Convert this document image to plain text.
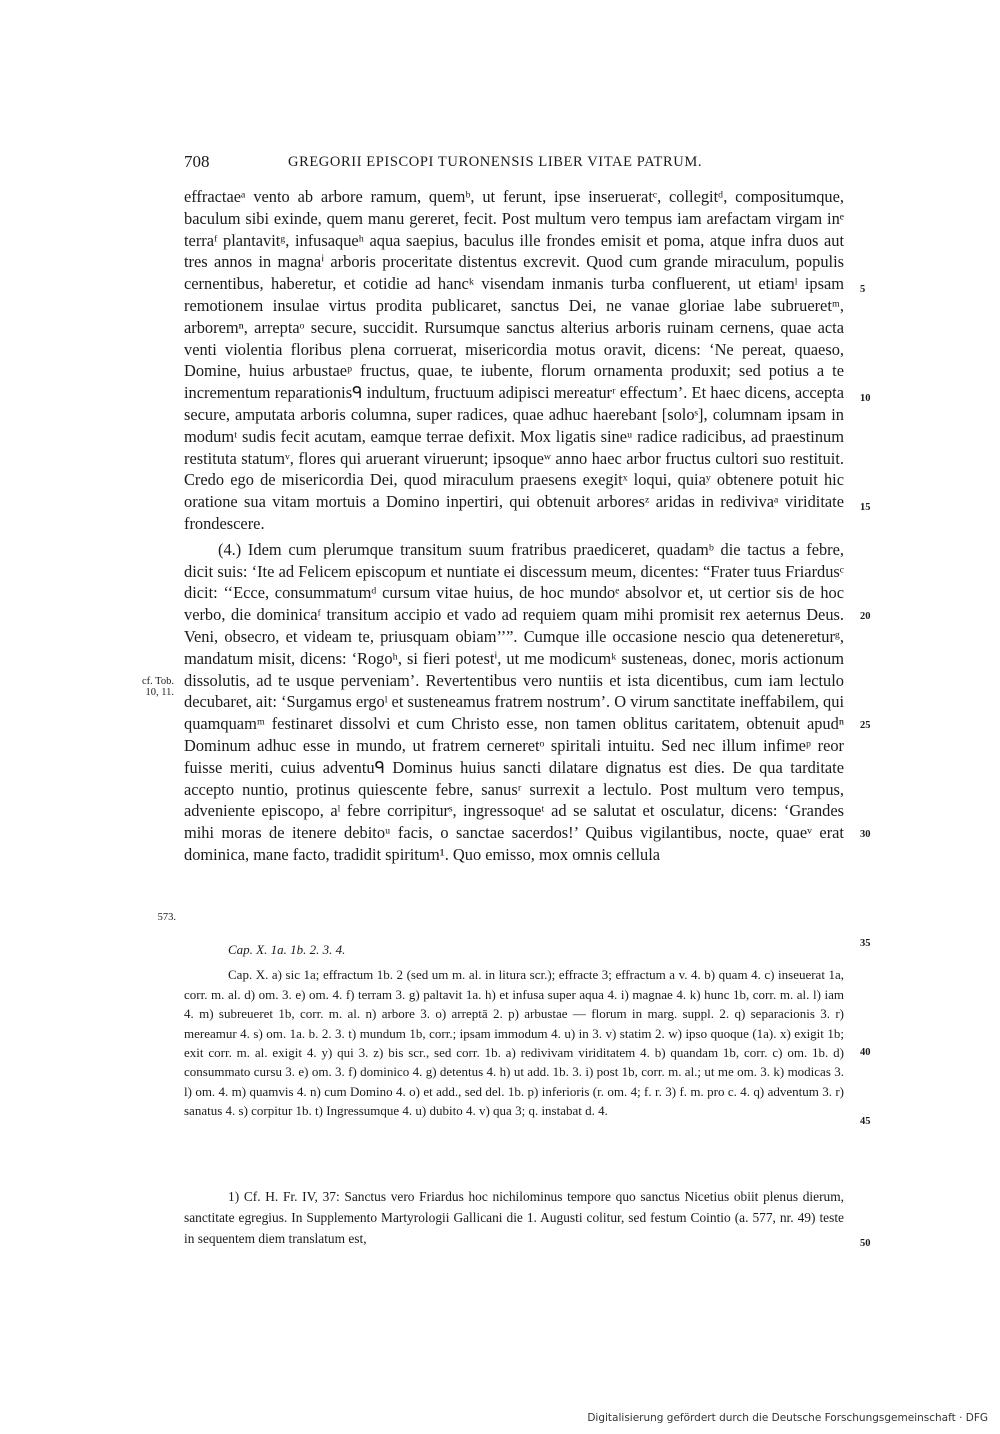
708	GREGORII EPISCOPI TURONENSIS LIBER VITAE PATRUM.

effractaeᵃ vento ab arbore ramum, quemᵇ, ut ferunt, ipse inserueratᶜ, collegitᵈ, compositumque, baculum sibi exinde, quem manu gereret, fecit. Post multum vero tempus iam arefactam virgam inᵉ terraᶠ plantavitᵍ, infusaqueʰ aqua saepius, baculus ille frondes emisit et poma, atque infra duos aut tres annos in magnaⁱ arboris proceritate distentus excrevit. Quod cum grande miraculum, populis cernentibus, haberetur, et cotidie ad hancᵏ visendam inmanis turba confluerent, ut etiamˡ ipsam remotionem insulae virtus prodita publicaret, sanctus Dei, ne vanae gloriae labe subrueretᵐ, arboremⁿ, arreptaᵒ secure, succidit. Rursumque sanctus alterius arboris ruinam cernens, quae acta venti violentia floribus plena corruerat, misericordia motus oravit, dicens: ‘Ne pereat, quaeso, Domine, huius arbustaeᵖ fructus, quae, te iubente, florum ornamenta produxit; sed potius a te incrementum reparationisᑫ indultum, fructuum adipisci mereaturʳ effectum’. Et haec dicens, accepta secure, amputata arboris columna, super radices, quae adhuc haerebant [soloˢ], columnam ipsam in modumᵗ sudis fecit acutam, eamque terrae defixit. Mox ligatis sineᵘ radice radicibus, ad praestinum restituta statumᵛ, flores qui aruerant viruerunt; ipsoqueʷ anno haec arbor fructus cultori suo restituit. Credo ego de misericordia Dei, quod miraculum praesens exegitˣ loqui, quiaʸ obtenere potuit hic oratione sua vitam mortuis a Domino inpertiri, qui obtenuit arboresᶻ aridas in redivivaᵃ viriditate frondescere.

(4.) Idem cum plerumque transitum suum fratribus praediceret, quadamᵇ die tactus a febre, dicit suis: ‘Ite ad Felicem episcopum et nuntiate ei discessum meum, dicentes: “Frater tuus Friardusᶜ dicit: ‘‘Ecce, consummatumᵈ cursum vitae huius, de hoc mundoᵉ absolvor et, ut certior sis de hoc verbo, die dominicaᶠ transitum accipio et vado ad requiem quam mihi promisit rex aeternus Deus. Veni, obsecro, et videam te, priusquam obiam’’”. Cumque ille occasione nescio qua detenereturᵍ, mandatum misit, dicens: ‘Rogoʰ, si fieri potestⁱ, ut me modicumᵏ susteneas, donec, moris actionum dissolutis, ad te usque perveniam’. Revertentibus vero nuntiis et ista dicentibus, cum iam lectulo decubaret, ait: ‘Surgamus ergoˡ et susteneamus fratrem nostrum’. O virum sanctitate ineffabilem, qui quamquamᵐ festinaret dissolvi et cum Christo esse, non tamen oblitus caritatem, obtenuit apudⁿ Dominum adhuc esse in mundo, ut fratrem cerneretᵒ spiritali intuitu. Sed nec illum infimeᵖ reor fuisse meriti, cuius adventuᑫ Dominus huius sancti dilatare dignatus est dies. De qua tarditate accepto nuntio, protinus quiescente febre, sanusʳ surrexit a lectulo. Post multum vero tempus, adveniente episcopo, aˡ febre corripiturˢ, ingressoqueᵗ ad se salutat et osculatur, dicens: ‘Grandes mihi moras de itenere debitoᵘ facis, o sanctae sacerdos!’ Quibus vigilantibus, nocte, quaeᵛ erat dominica, mane facto, tradidit spiritum¹. Quo emisso, mox omnis cellula

cf. Tob. 10, 11.
573.
5
10
15
20
25
30
35
40
45
50

Cap. X. 1a. 1b. 2. 3. 4.

Cap. X. a) sic 1a; effractum 1b. 2 (sed um m. al. in litura scr.); effracte 3; effractum a v. 4. b) quam 4. c) inseuerat 1a, corr. m. al. d) om. 3. e) om. 4. f) terram 3. g) paltavit 1a. h) et infusa super aqua 4. i) magnae 4. k) hunc 1b, corr. m. al. l) iam 4. m) subreueret 1b, corr. m. al. n) arbore 3. o) arreptā 2. p) arbustae — florum in marg. suppl. 2. q) separacionis 3. r) mereamur 4. s) om. 1a. b. 2. 3. t) mundum 1b, corr.; ipsam immodum 4. u) in 3. v) statim 2. w) ipso quoque (1a). x) exigit 1b; exit corr. m. al. exigit 4. y) qui 3. z) bis scr., sed corr. 1b. a) redivivam viriditatem 4. b) quandam 1b, corr. c) om. 1b. d) consummato cursu 3. e) om. 3. f) dominico 4. g) detentus 4. h) ut add. 1b. 3. i) post 1b, corr. m. al.; ut me om. 3. k) modicas 3. l) om. 4. m) quamvis 4. n) cum Domino 4. o) et add., sed del. 1b. p) inferioris (r. om. 4; f. r. 3) f. m. pro c. 4. q) adventum 3. r) sanatus 4. s) corpitur 1b. t) Ingressumque 4. u) dubito 4. v) qua 3; q. instabat d. 4.

1) Cf. H. Fr. IV, 37: Sanctus vero Friardus hoc nichilominus tempore quo sanctus Nicetius obiit plenus dierum, sanctitate egregius. In Supplemento Martyrologii Gallicani die 1. Augusti colitur, sed festum Cointio (a. 577, nr. 49) teste in sequentem diem translatum est,
Digitalisierung gefördert durch die Deutsche Forschungsgemeinschaft · DFG
